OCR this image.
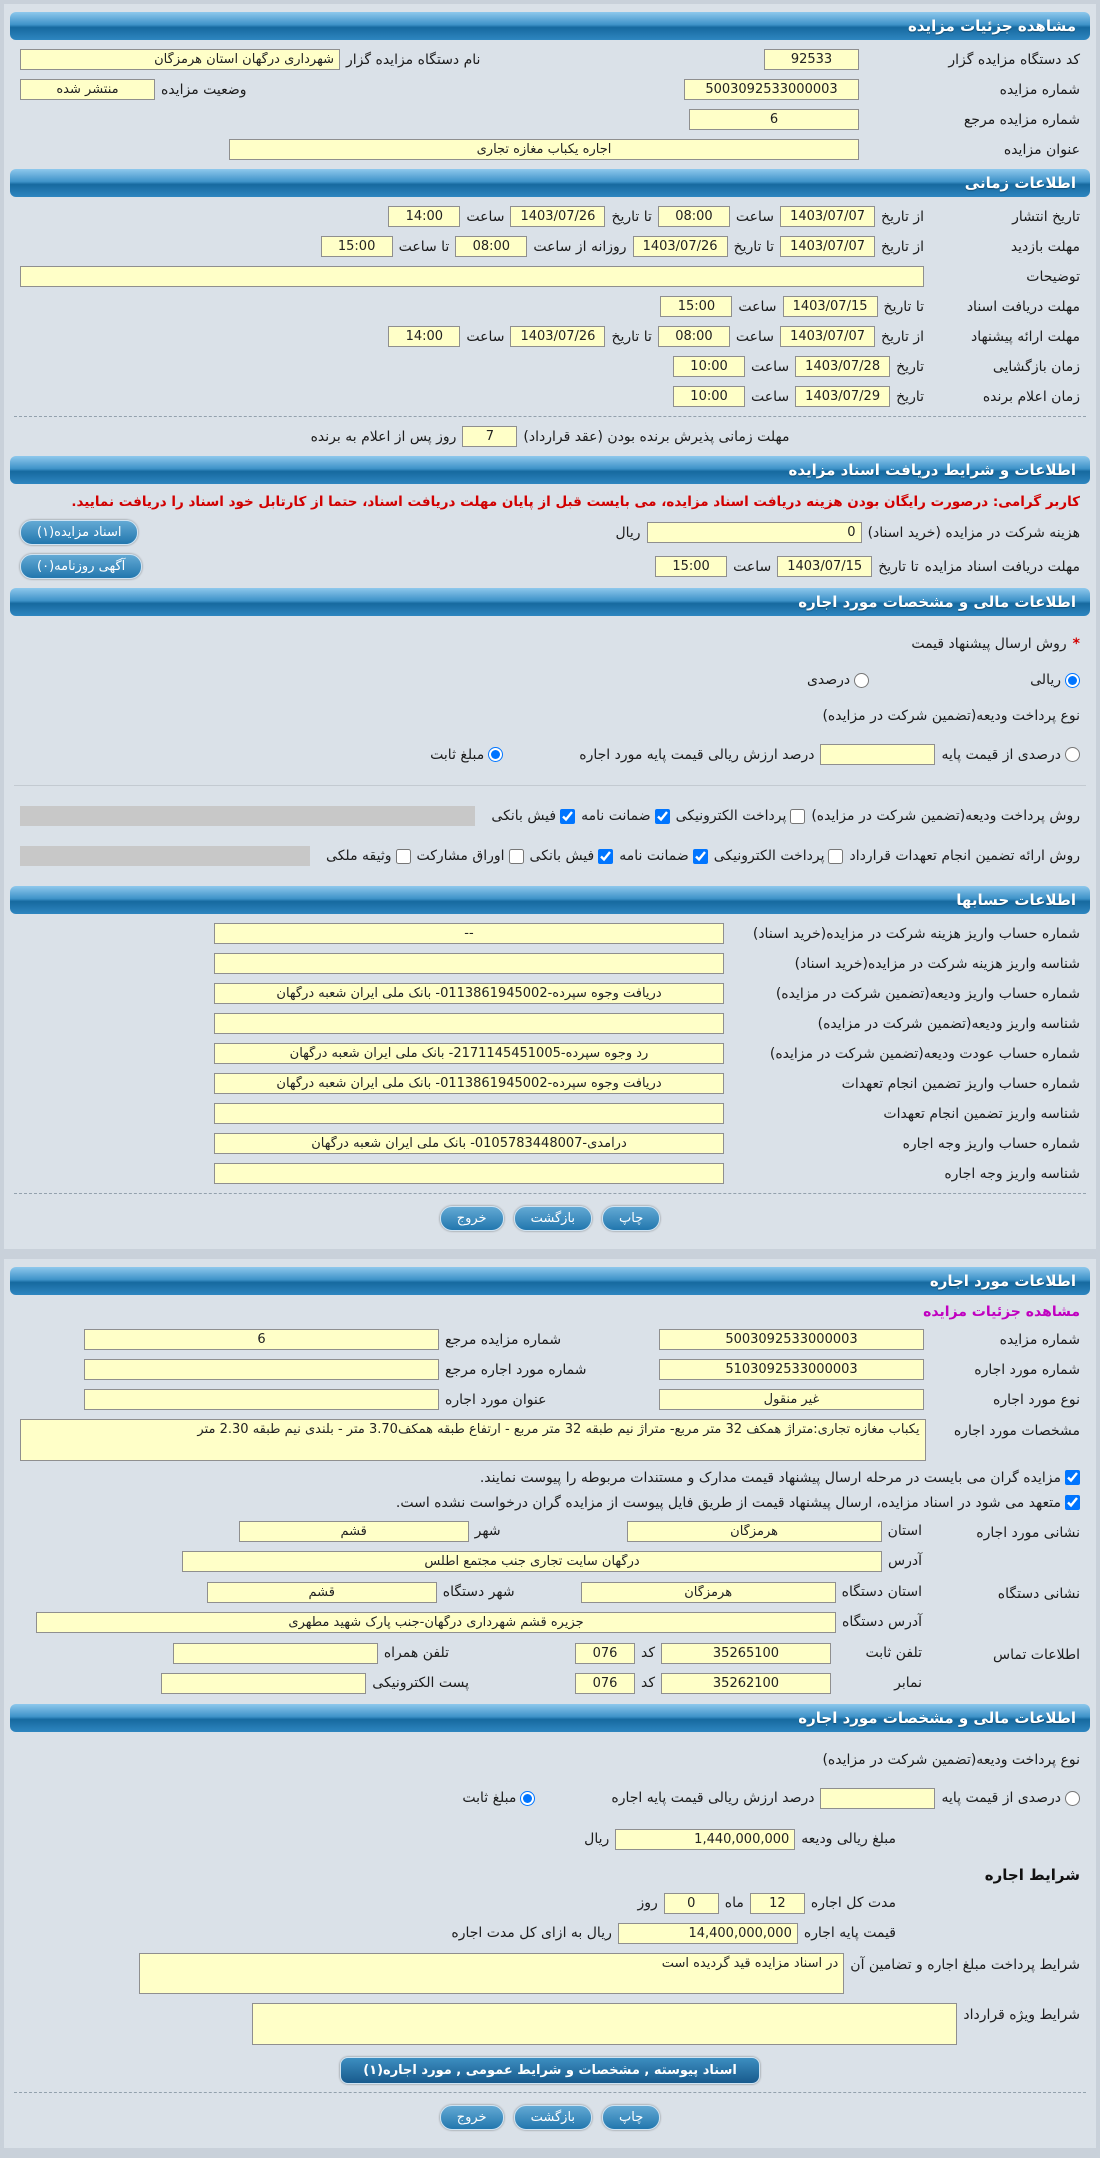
مشاهده جزئیات مزایده
کد دستگاه مزایده گزار
92533
نام دستگاه مزایده گزار
شهرداری درگهان استان هرمزگان
شماره مزایده
5003092533000003
وضعیت مزایده
منتشر شده
شماره مزایده مرجع
6
عنوان مزایده
اجاره یکباب مغازه تجاری
اطلاعات زمانی
تاریخ انتشار
از تاریخ
1403/07/07
ساعت
08:00
تا تاریخ
1403/07/26
ساعت
14:00
مهلت بازدید
از تاریخ
1403/07/07
تا تاریخ
1403/07/26
روزانه از ساعت
08:00
تا ساعت
15:00
توضیحات
مهلت دریافت اسناد
تا تاریخ
1403/07/15
ساعت
15:00
مهلت ارائه پیشنهاد
از تاریخ
1403/07/07
ساعت
08:00
تا تاریخ
1403/07/26
ساعت
14:00
زمان بازگشایی
تاریخ
1403/07/28
ساعت
10:00
زمان اعلام برنده
تاریخ
1403/07/29
ساعت
10:00
مهلت زمانی پذیرش برنده بودن (عقد قرارداد)
7
روز پس از اعلام به برنده
اطلاعات و شرایط دریافت اسناد مزایده
کاربر گرامی: درصورت رایگان بودن هزینه دریافت اسناد مزایده، می بایست قبل از پایان مهلت دریافت اسناد، حتما از کارتابل خود اسناد را دریافت نمایید.
هزینه شرکت در مزایده (خرید اسناد)
0
ریال
اسناد مزایده(۱)
مهلت دریافت اسناد مزایده
تا تاریخ
1403/07/15
ساعت
15:00
آگهی روزنامه(۰)
اطلاعات مالی و مشخصات مورد اجاره
*
روش ارسال پیشنهاد قیمت
ریالی
درصدی
نوع پرداخت ودیعه(تضمین شرکت در مزایده)
درصدی از قیمت پایه
درصد ارزش ریالی قیمت پایه مورد اجاره
مبلغ ثابت
روش پرداخت ودیعه(تضمین شرکت در مزایده)
پرداخت الکترونیکی
ضمانت نامه
فیش بانکی
روش ارائه تضمین انجام تعهدات قرارداد
پرداخت الکترونیکی
ضمانت نامه
فیش بانکی
اوراق مشارکت
وثیقه ملکی
اطلاعات حسابها
شماره حساب واریز هزینه شرکت در مزایده(خرید اسناد)
--
شناسه واریز هزینه شرکت در مزایده(خرید اسناد)
شماره حساب واریز ودیعه(تضمین شرکت در مزایده)
دریافت وجوه سپرده-0113861945002- بانک ملی ایران شعبه درگهان
شناسه واریز ودیعه(تضمین شرکت در مزایده)
شماره حساب عودت ودیعه(تضمین شرکت در مزایده)
رد وجوه سپرده-2171145451005- بانک ملی ایران شعبه درگهان
شماره حساب واریز تضمین انجام تعهدات
دریافت وجوه سپرده-0113861945002- بانک ملی ایران شعبه درگهان
شناسه واریز تضمین انجام تعهدات
شماره حساب واریز وجه اجاره
درآمدی-0105783448007- بانک ملی ایران شعبه درگهان
شناسه واریز وجه اجاره
چاپ
بازگشت
خروج
اطلاعات مورد اجاره
مشاهده جزئیات مزایده
شماره مزایده
5003092533000003
شماره مزایده مرجع
6
شماره مورد اجاره
5103092533000003
شماره مورد اجاره مرجع
نوع مورد اجاره
غیر منقول
عنوان مورد اجاره
مشخصات مورد اجاره
یکباب مغازه تجاری:متراژ همکف 32 متر مربع- متراژ نیم طبقه 32 متر مربع - ارتفاع طبقه همکف3.70 متر - بلندی نیم طبقه 2.30 متر
مزایده گران می بایست در مرحله ارسال پیشنهاد قیمت مدارک و مستندات مربوطه را پیوست نمایند.
متعهد می شود در اسناد مزایده، ارسال پیشنهاد قیمت از طریق فایل پیوست از مزایده گران درخواست نشده است.
نشانی مورد اجاره
استان
هرمزگان
شهر
قشم
آدرس
درگهان سایت تجاری جنب مجتمع اطلس
نشانی دستگاه
استان دستگاه
هرمزگان
شهر دستگاه
قشم
آدرس دستگاه
جزیره قشم شهرداری درگهان-جنب پارک شهید مطهری
اطلاعات تماس
تلفن ثابت
35265100
کد
076
تلفن همراه
نمابر
35262100
کد
076
پست الکترونیکی
اطلاعات مالی و مشخصات مورد اجاره
نوع پرداخت ودیعه(تضمین شرکت در مزایده)
درصدی از قیمت پایه
درصد ارزش ریالی قیمت پایه اجاره
مبلغ ثابت
مبلغ ریالی ودیعه
1,440,000,000
ریال
شرایط اجاره
مدت کل اجاره
12
ماه
0
روز
قیمت پایه اجاره
14,400,000,000
ریال به ازای کل مدت اجاره
شرایط پرداخت مبلغ اجاره و تضامین آن
در اسناد مزایده قید گردیده است
شرایط ویژه قرارداد
اسناد پیوسته , مشخصات و شرایط عمومی , مورد اجاره(۱)
چاپ
بازگشت
خروج
